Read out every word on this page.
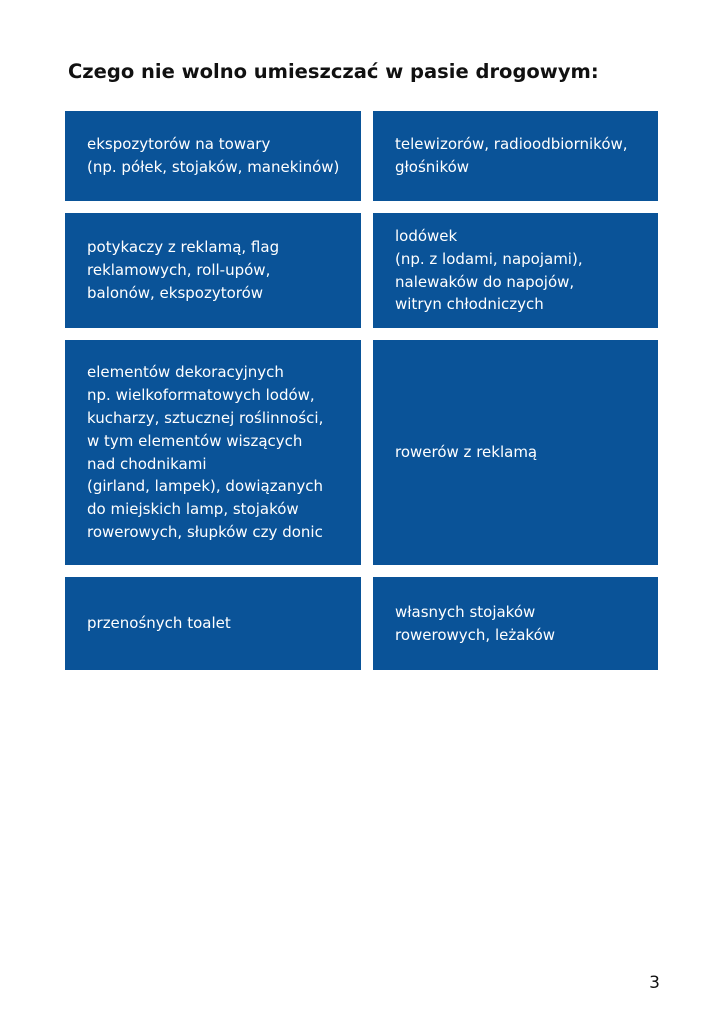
Czego nie wolno umieszczać w pasie drogowym:

ekspozytorów na towary
(np. półek, stojaków, manekinów)

telewizorów, radioodbiorników,
głośników

potykaczy z reklamą, flag
reklamowych, roll-upów,
balonów, ekspozytorów

lodówek
(np. z lodami, napojami),
nalewaków do napojów,
witryn chłodniczych

elementów dekoracyjnych
np. wielkoformatowych lodów,
kucharzy, sztucznej roślinności,
w tym elementów wiszących
nad chodnikami
(girland, lampek), dowiązanych
do miejskich lamp, stojaków
rowerowych, słupków czy donic

rowerów z reklamą

przenośnych toalet

własnych stojaków
rowerowych, leżaków

3
